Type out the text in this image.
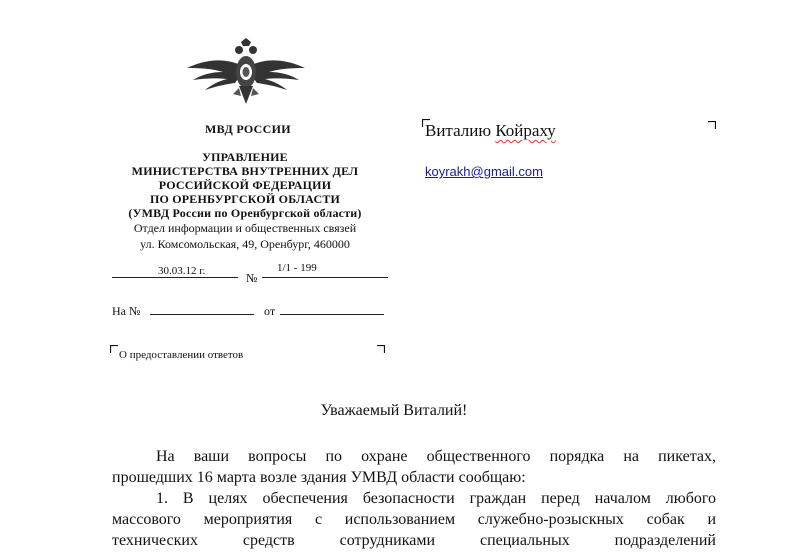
МВД РОССИИ
УПРАВЛЕНИЕ
МИНИСТЕРСТВА ВНУТРЕННИХ ДЕЛ
РОССИЙСКОЙ ФЕДЕРАЦИИ
ПО ОРЕНБУРГСКОЙ ОБЛАСТИ
(УМВД России по Оренбургской области)
Отдел информации и общественных связей
ул. Комсомольская, 49, Оренбург, 460000
30.03.12 г.	№
1/1 - 199
На №	от
О предоставлении ответов
Виталию Койраху
koyrakh@gmail.com
Уважаемый Виталий!
На ваши вопросы по охране общественного порядка на пикетах,
прошедших 16 марта возле здания УМВД области сообщаю:
1. В целях обеспечения безопасности граждан перед началом любого
массового мероприятия с использованием служебно-розыскных собак и
технических средств сотрудниками специальных подразделений
